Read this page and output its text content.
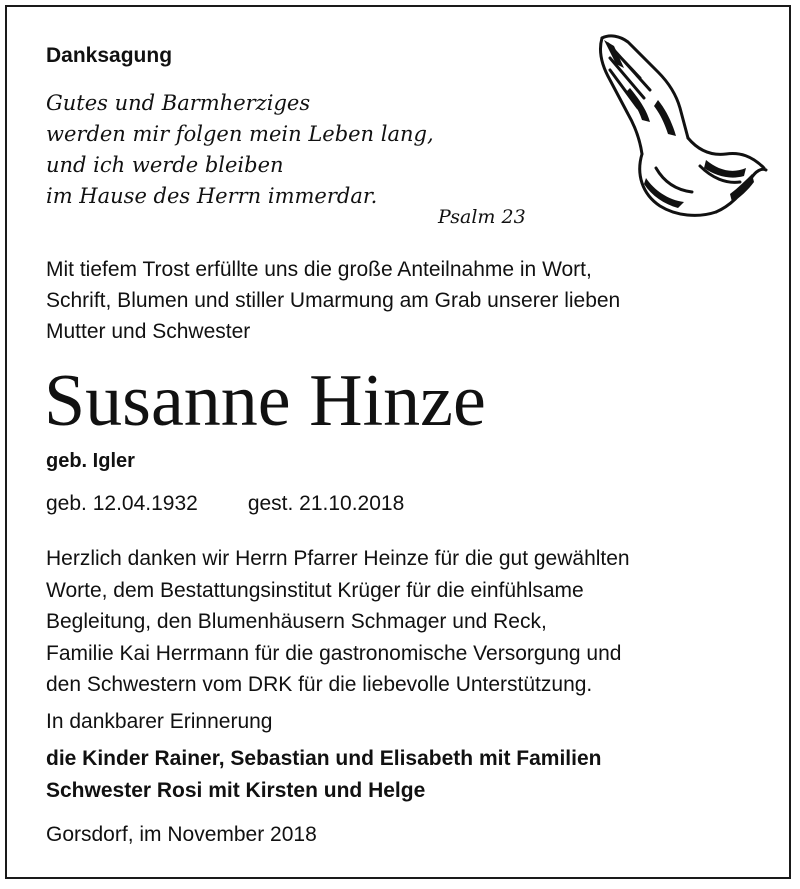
Danksagung
Gutes und Barmherziges
werden mir folgen mein Leben lang,
und ich werde bleiben
im Hause des Herrn immerdar.
Psalm 23
Mit tiefem Trost erfüllte uns die große Anteilnahme in Wort,
Schrift, Blumen und stiller Umarmung am Grab unserer lieben
Mutter und Schwester
Susanne Hinze
geb. Igler
geb. 12.04.1932 gest. 21.10.2018
Herzlich danken wir Herrn Pfarrer Heinze für die gut gewählten
Worte, dem Bestattungsinstitut Krüger für die einfühlsame
Begleitung, den Blumenhäusern Schmager und Reck,
Familie Kai Herrmann für die gastronomische Versorgung und
den Schwestern vom DRK für die liebevolle Unterstützung.
In dankbarer Erinnerung
die Kinder Rainer, Sebastian und Elisabeth mit Familien
Schwester Rosi mit Kirsten und Helge
Gorsdorf, im November 2018
